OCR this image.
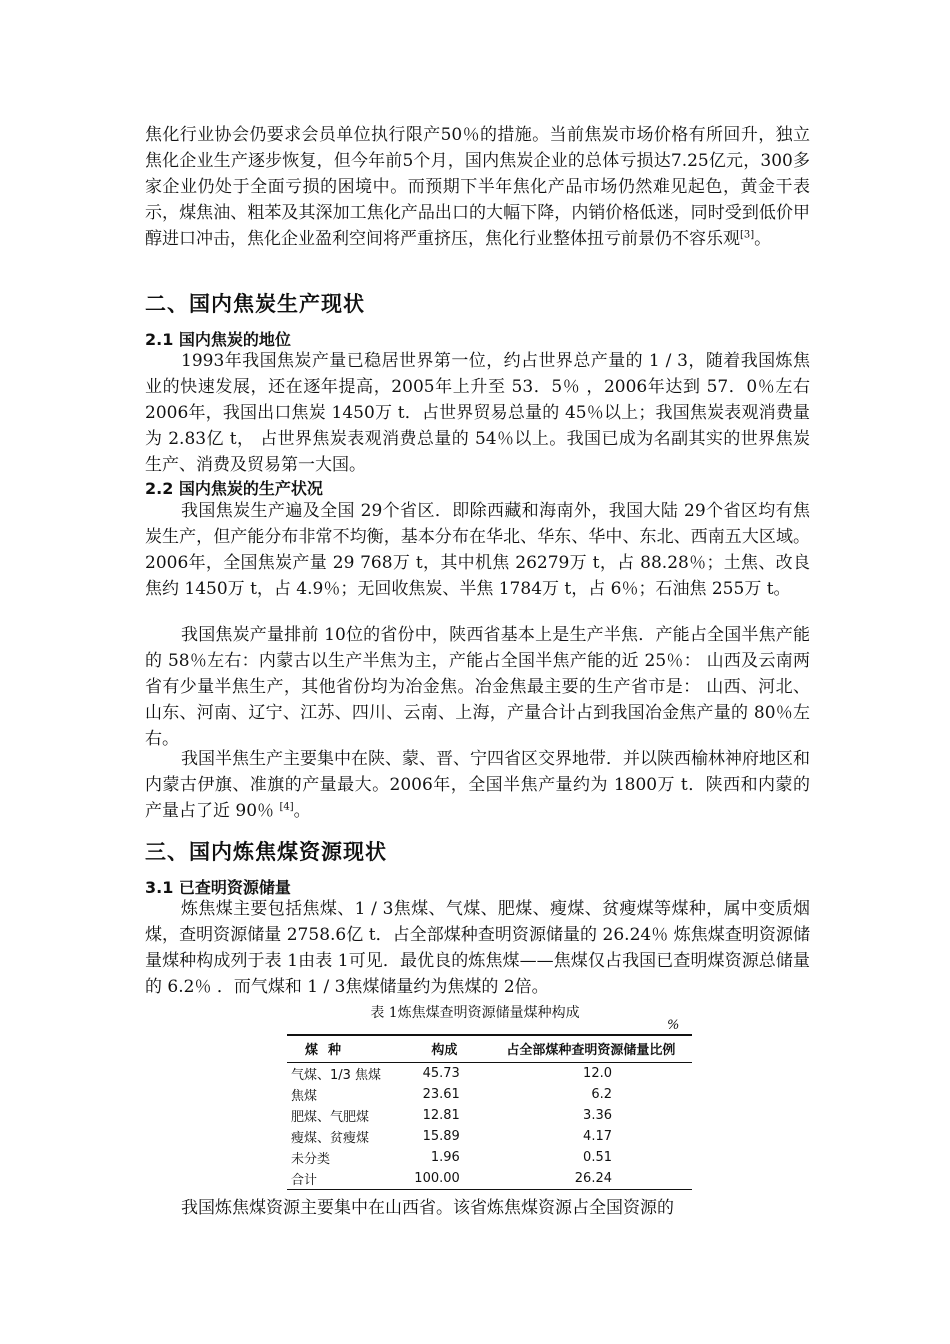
焦化行业协会仍要求会员单位执行限产50％的措施。当前焦炭市场价格有所回升，独立焦化企业生产逐步恢复，但今年前5个月，国内焦炭企业的总体亏损达7.25亿元，300多家企业仍处于全面亏损的困境中。而预期下半年焦化产品市场仍然难见起色，黄金干表示，煤焦油、粗苯及其深加工焦化产品出口的大幅下降，内销价格低迷，同时受到低价甲醇进口冲击，焦化企业盈利空间将严重挤压，焦化行业整体扭亏前景仍不容乐观[3]。

二、国内焦炭生产现状
2.1 国内焦炭的地位

1993年我国焦炭产量已稳居世界第一位，约占世界总产量的 1 / 3，随着我国炼焦业的快速发展，还在逐年提高，2005年上升至 53．5％ ，2006年达到 57．0％左右 2006年，我国出口焦炭 1450万 t．占世界贸易总量的 45％以上；我国焦炭表观消费量为 2.83亿 t， 占世界焦炭表观消费总量的 54％以上。我国已成为名副其实的世界焦炭生产、消费及贸易第一大国。

2.2 国内焦炭的生产状况

我国焦炭生产遍及全国 29个省区．即除西藏和海南外，我国大陆 29个省区均有焦炭生产，但产能分布非常不均衡，基本分布在华北、华东、华中、东北、西南五大区域。2006年，全国焦炭产量 29 768万 t，其中机焦 26279万 t，占 88.28％；土焦、改良焦约 1450万 t，占 4.9％；无回收焦炭、半焦 1784万 t，占 6％；石油焦 255万 t。

我国焦炭产量排前 10位的省份中，陕西省基本上是生产半焦．产能占全国半焦产能的 58％左右：内蒙古以生产半焦为主，产能占全国半焦产能的近 25％： 山西及云南两省有少量半焦生产，其他省份均为冶金焦。冶金焦最主要的生产省市是： 山西、河北、山东、河南、辽宁、江苏、四川、云南、上海，产量合计占到我国冶金焦产量的 80％左右。

我国半焦生产主要集中在陕、蒙、晋、宁四省区交界地带．并以陕西榆林神府地区和内蒙古伊旗、准旗的产量最大。2006年，全国半焦产量约为 1800万 t．陕西和内蒙的产量占了近 90％ [4]。

三、国内炼焦煤资源现状
3.1 已查明资源储量

炼焦煤主要包括焦煤、1 / 3焦煤、气煤、肥煤、瘦煤、贫瘦煤等煤种，属中变质烟煤，查明资源储量 2758.6亿 t．占全部煤种查明资源储量的 26.24％ 炼焦煤查明资源储量煤种构成列于表 1由表 1可见．最优良的炼焦煤——焦煤仅占我国已查明煤资源总储量的 6.2％ ．而气煤和 1 / 3焦煤储量约为焦煤的 2倍。

表 1炼焦煤查明资源储量煤种构成
%
煤种	构成	占全部煤种查明资源储量比例
气煤、1/3 焦煤	45.73	12.0
焦煤	23.61	6.2
肥煤、气肥煤	12.81	3.36
瘦煤、贫瘦煤	15.89	4.17
未分类	1.96	0.51
合计	100.00	26.24

我国炼焦煤资源主要集中在山西省。该省炼焦煤资源占全国资源的
